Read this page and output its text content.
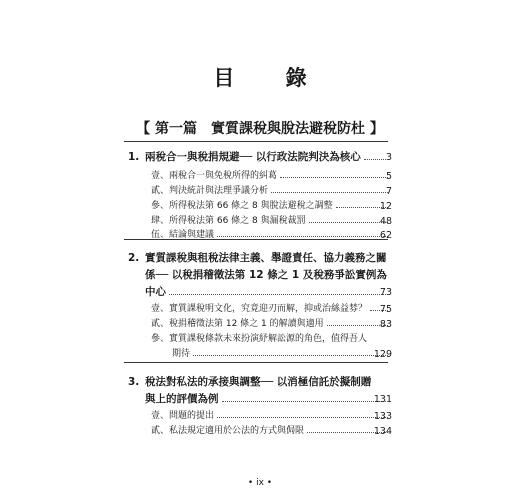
目 錄
【 第一篇　實質課稅與脫法避稅防杜 】
1. 兩稅合一與稅捐規避── 以行政法院判決為核心	3
壹、兩稅合一與免稅所得的糾葛	5
貳、判決統計與法理爭議分析	7
參、所得稅法第 66 條之 8 與脫法避稅之調整	12
肆、所得稅法第 66 條之 8 與漏稅裁罰	48
伍、結論與建議	62
2. 實質課稅與租稅法律主義、舉證責任、協力義務之關
係── 以稅捐稽徵法第 12 條之 1 及稅務爭訟實例為
中心	73
壹、實質課稅明文化，究竟迎刃而解，抑或治絲益棼？ 75
貳、稅捐稽徵法第 12 條之 1 的解讀與適用	83
參、實質課稅條款未來扮演紓解訟源的角色，值得吾人
期待	129
3. 稅法對私法的承接與調整── 以消極信託於擬制贈
與上的評價為例	131
壹、問題的提出	133
貳、私法規定適用於公法的方式與侷限	134
• ix •
